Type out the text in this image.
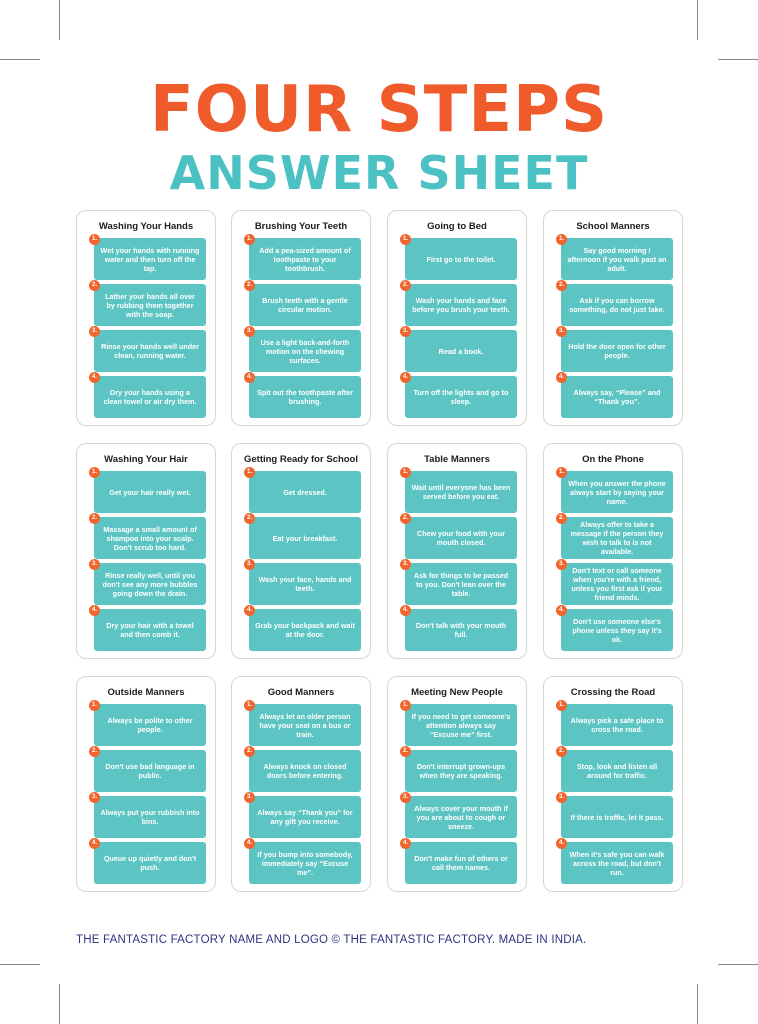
FOUR STEPS
ANSWER SHEET
Washing Your Hands
1.
Wet your hands with running water and then turn off the tap.
2.
Lather your hands all over by rubbing them together with the soap.
3.
Rinse your hands well under clean, running water.
4.
Dry your hands using a clean towel or air dry them.
Brushing Your Teeth
1.
Add a pea-sized amount of toothpaste to your toothbrush.
2.
Brush teeth with a gentle circular motion.
3.
Use a light back-and-forth motion on the chewing surfaces.
4.
Spit out the toothpaste after brushing.
Going to Bed
1.
First go to the toilet.
2.
Wash your hands and face before you brush your teeth.
3.
Read a book.
4.
Turn off the lights and go to sleep.
School Manners
1.
Say good morning / afternoon if you walk past an adult.
2.
Ask if you can borrow something, do not just take.
3.
Hold the door open for other people.
4.
Always say, “Please” and “Thank you”.
Washing Your Hair
1.
Get your hair really wet.
2.
Massage a small amount of shampoo into your scalp. Don't scrub too hard.
3.
Rinse really well, until you don't see any more bubbles going down the drain.
4.
Dry your hair with a towel and then comb it.
Getting Ready for School
1.
Get dressed.
2.
Eat your breakfast.
3.
Wash your face, hands and teeth.
4.
Grab your backpack and wait at the door.
Table Manners
1.
Wait until everyone has been served before you eat.
2.
Chew your food with your mouth closed.
3.
Ask for things to be passed to you. Don't lean over the table.
4.
Don't talk with your mouth full.
On the Phone
1.
When you answer the phone always start by saying your name.
2.
Always offer to take a message if the person they wish to talk to is not available.
3.
Don't text or call someone when you're with a friend, unless you first ask if your friend minds.
4.
Don't use someone else's phone unless they say it's ok.
Outside Manners
1.
Always be polite to other people.
2.
Don't use bad language in public.
3.
Always put your rubbish into bins.
4.
Queue up quietly and don't push.
Good Manners
1.
Always let an older person have your seat on a bus or train.
2.
Always knock on closed doors before entering.
3.
Always say “Thank you” for any gift you receive.
4.
If you bump into somebody, immediately say “Excuse me”.
Meeting New People
1.
If you need to get someone's attention always say “Excuse me” first.
2.
Don't interrupt grown-ups when they are speaking.
3.
Always cover your mouth if you are about to cough or sneeze.
4.
Don't make fun of others or call them names.
Crossing the Road
1.
Always pick a safe place to cross the road.
2.
Stop, look and listen all around for traffic.
3.
If there is traffic, let it pass.
4.
When it's safe you can walk across the road, but don't run.
THE FANTASTIC FACTORY NAME AND LOGO © THE FANTASTIC FACTORY. MADE IN INDIA.
